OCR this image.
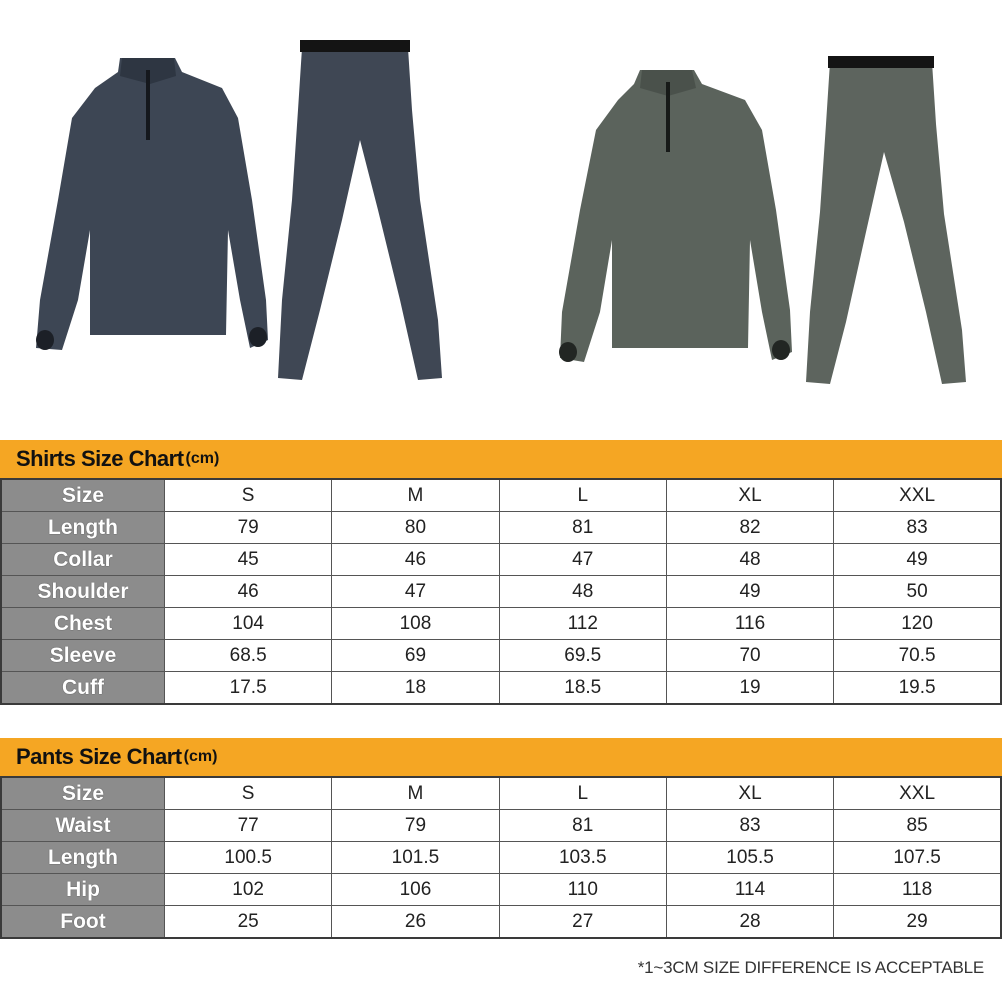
Shirts Size Chart (cm)
Size	S	M	L	XL	XXL
Length	79	80	81	82	83
Collar	45	46	47	48	49
Shoulder	46	47	48	49	50
Chest	104	108	112	116	120
Sleeve	68.5	69	69.5	70	70.5
Cuff	17.5	18	18.5	19	19.5
Pants Size Chart (cm)
Size	S	M	L	XL	XXL
Waist	77	79	81	83	85
Length	100.5	101.5	103.5	105.5	107.5
Hip	102	106	110	114	118
Foot	25	26	27	28	29
*1~3CM SIZE DIFFERENCE IS ACCEPTABLE
